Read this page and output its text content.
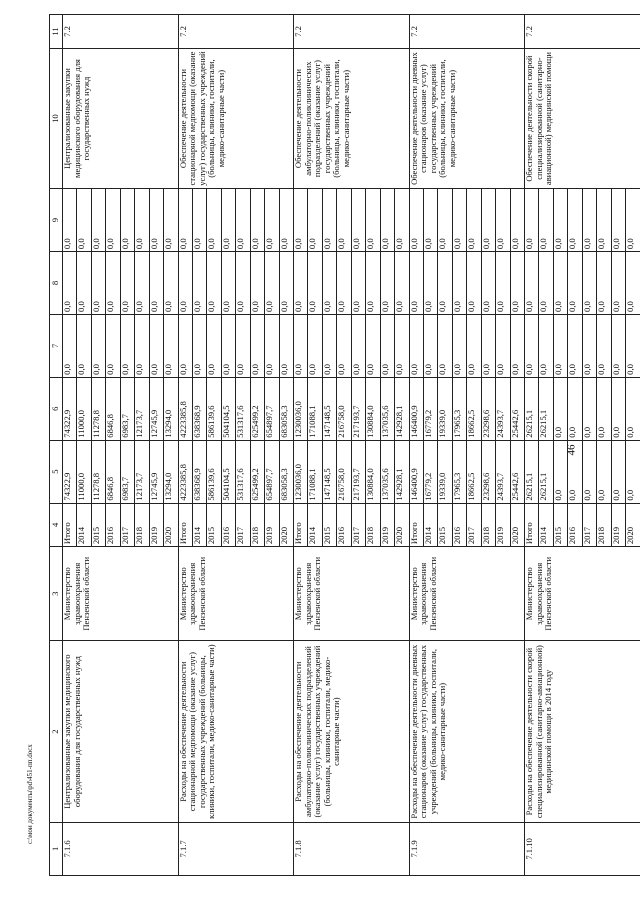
46
c:\мои документы\pd\451-пп.docx
1	2	3	4	5	6	7	8	9	10	11
7.1.6	Централизованные закупки медицинского оборудования для государственных нужд	Министерство здравоохранения Пензенской области	Итого	74322,9	74322,9	0,0	0,0	0,0	Централизованные закупки медицинского оборудования для государственных нужд	7.2
			2014	11000,0	11000,0	0,0	0,0	0,0		
			2015	11278,8	11278,8	0,0	0,0	0,0		
			2016	6846,8	6846,8	0,0	0,0	0,0		
			2017	6983,7	6983,7	0,0	0,0	0,0		
			2018	12173,7	12173,7	0,0	0,0	0,0		
			2019	12745,9	12745,9	0,0	0,0	0,0		
			2020	13294,0	13294,0	0,0	0,0	0,0		
7.1.7	Расходы на обеспечение деятельности стационарной медпомощи (оказание услуг) государственных учреждений (больницы, клиники, госпитали, медико-санитарные части)	Министерство здравоохранения Пензенской области	Итого	4223385,8	4223385,8	0,0	0,0	0,0	Обеспечение деятельности стационарной медпомощи (оказание услуг) государственных учреждений (больницы, клиники, госпитали, медико-санитарные части)	7.2
			2014	638368,9	638368,9	0,0	0,0	0,0		
			2015	586139,6	586139,6	0,0	0,0	0,0		
			2016	504104,5	504104,5	0,0	0,0	0,0		
			2017	531317,6	531317,6	0,0	0,0	0,0		
			2018	625499,2	625499,2	0,0	0,0	0,0		
			2019	654897,7	654897,7	0,0	0,0	0,0		
			2020	683058,3	683058,3	0,0	0,0	0,0		
7.1.8	Расходы на обеспечение деятельности амбулаторно-поликлинических подразделений (оказание услуг) государственных учреждений (больницы, клиники, госпитали, медико-санитарные части)	Министерство здравоохранения Пензенской области	Итого	1230036,0	1230036,0	0,0	0,0	0,0	Обеспечение деятельности амбулаторно-поликлинических подразделений (оказание услуг) государственных учреждений (больницы, клиники, госпитали, медико-санитарные части)	7.2
			2014	171088,1	171088,1	0,0	0,0	0,0		
			2015	147148,5	147148,5	0,0	0,0	0,0		
			2016	216758,0	216758,0	0,0	0,0	0,0		
			2017	217193,7	217193,7	0,0	0,0	0,0		
			2018	130884,0	130884,0	0,0	0,0	0,0		
			2019	137035,6	137035,6	0,0	0,0	0,0		
			2020	142928,1	142928,1	0,0	0,0	0,0		
7.1.9	Расходы на обеспечение деятельности дневных стационаров (оказание услуг) государственных учреждений (больницы, клиники, госпитали, медико-санитарные части)	Министерство здравоохранения Пензенской области	Итого	146400,9	146400,9	0,0	0,0	0,0	Обеспечение деятельности дневных стационаров (оказание услуг) государственных учреждений (больницы, клиники, госпитали, медико-санитарные части)	7.2
			2014	16779,2	16779,2	0,0	0,0	0,0		
			2015	19339,0	19339,0	0,0	0,0	0,0		
			2016	17965,3	17965,3	0,0	0,0	0,0		
			2017	18662,5	18662,5	0,0	0,0	0,0		
			2018	23298,6	23298,6	0,0	0,0	0,0		
			2019	24393,7	24393,7	0,0	0,0	0,0		
			2020	25442,6	25442,6	0,0	0,0	0,0		
7.1.10	Расходы на обеспечение деятельности скорой специализированной (санитарно-авиационной) медицинской помощи в 2014 году	Министерство здравоохранения Пензенской области	Итого	26215,1	26215,1	0,0	0,0	0,0	Обеспечение деятельности скорой специализированной (санитарно-авиационной) медицинской помощи	7.2
			2014	26215,1	26215,1	0,0	0,0	0,0		
			2015	0,0	0,0	0,0	0,0	0,0		
			2016	0,0	0,0	0,0	0,0	0,0		
			2017	0,0	0,0	0,0	0,0	0,0		
			2018	0,0	0,0	0,0	0,0	0,0		
			2019	0,0	0,0	0,0	0,0	0,0		
			2020	0,0	0,0	0,0	0,0	0,0		
